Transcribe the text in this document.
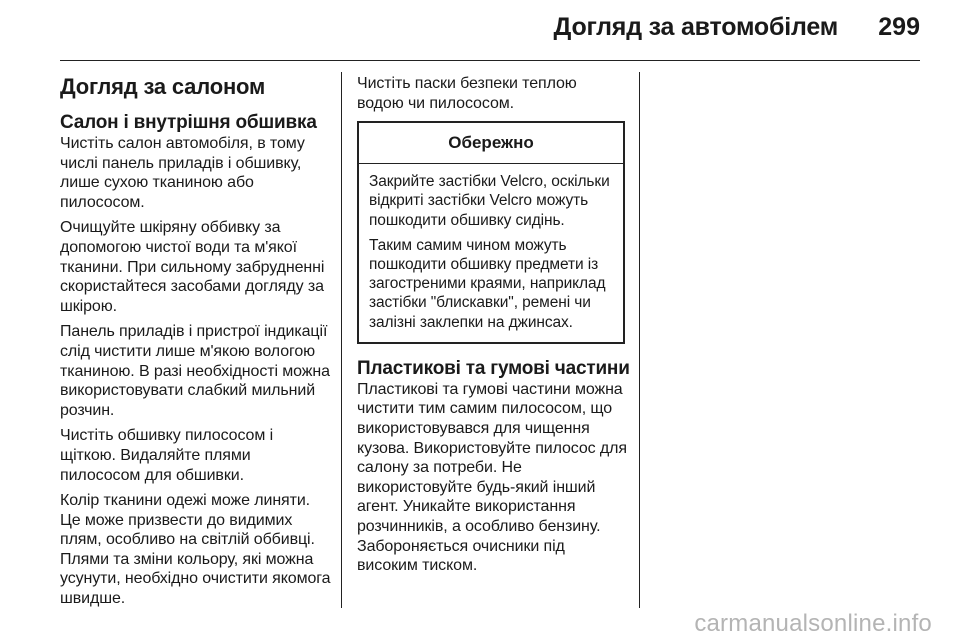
Догляд за автомобілем 299
Догляд за салоном
Салон і внутрішня обшивка

Чистіть салон автомобіля, в тому числі панель приладів і обшивку, лише сухою тканиною або пилососом.

Очищуйте шкіряну оббивку за допомогою чистої води та м'якої тканини. При сильному забрудненні скористайтеся засобами догляду за шкірою.

Панель приладів і пристрої індикації слід чистити лише м'якою вологою тканиною. В разі необхідності можна використовувати слабкий мильний розчин.

Чистіть обшивку пилососом і щіткою. Видаляйте плями пилососом для обшивки.

Колір тканини одежі може линяти. Це може призвести до видимих плям, особливо на світлій оббивці. Плями та зміни кольору, які можна усунути, необхідно очистити якомога швидше.

Чистіть паски безпеки теплою водою чи пилососом.

Обережно

Закрийте застібки Velcro, оскільки відкриті застібки Velcro можуть пошкодити обшивку сидінь.

Таким самим чином можуть пошкодити обшивку предмети із загостреними краями, наприклад застібки "блискавки", ремені чи залізні заклепки на джинсах.

Пластикові та гумові частини

Пластикові та гумові частини можна чистити тим самим пилососом, що використовувався для чищення кузова. Використовуйте пилосос для салону за потреби. Не використовуйте будь-який інший агент. Уникайте використання розчинників, а особливо бензину. Забороняється очисники під високим тиском.

carmanualsonline.info
